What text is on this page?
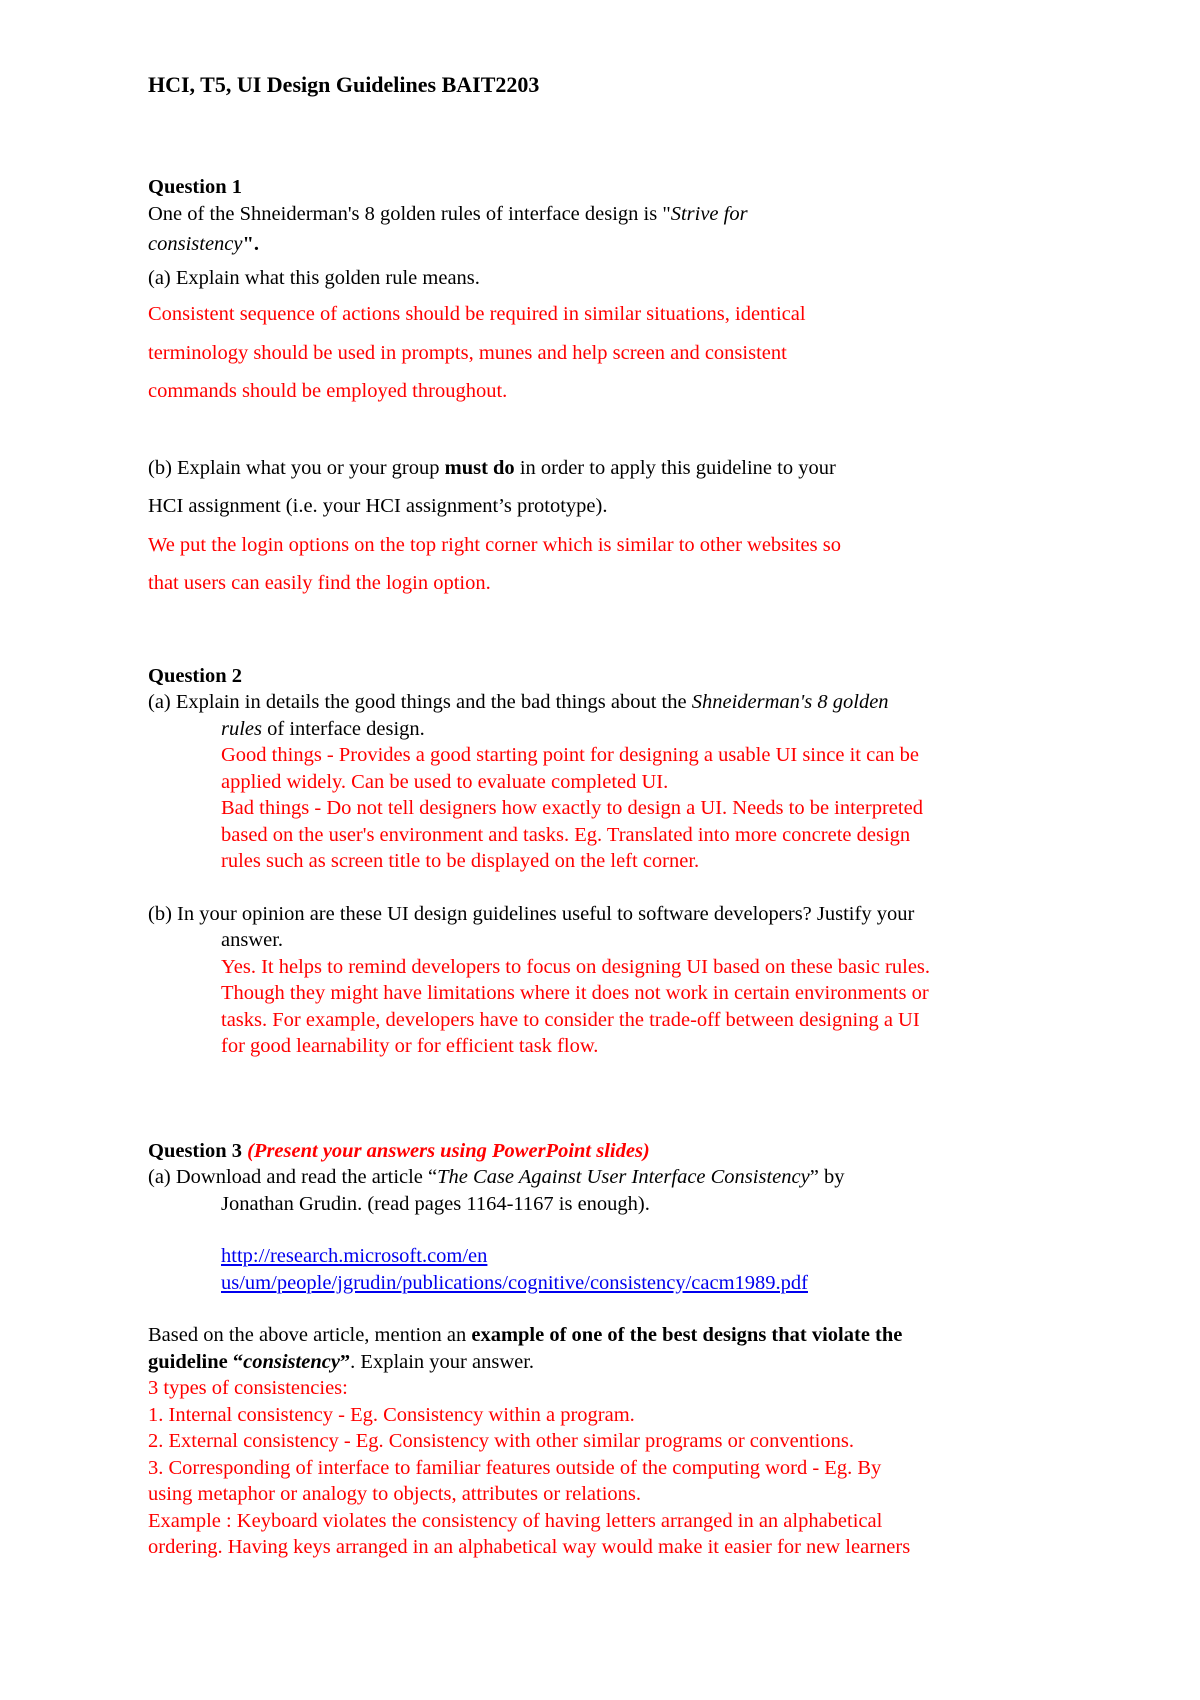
HCI, T5, UI Design Guidelines BAIT2203

Question 1

One of the Shneiderman's 8 golden rules of interface design is "Strive for

consistency".

(a) Explain what this golden rule means.

Consistent sequence of actions should be required in similar situations, identical

terminology should be used in prompts, munes and help screen and consistent

commands should be employed throughout.

(b) Explain what you or your group must do in order to apply this guideline to your

HCI assignment (i.e. your HCI assignment’s prototype).

We put the login options on the top right corner which is similar to other websites so

that users can easily find the login option.

Question 2

(a) Explain in details the good things and the bad things about the Shneiderman's 8 golden

rules of interface design.

Good things - Provides a good starting point for designing a usable UI since it can be

applied widely. Can be used to evaluate completed UI.

Bad things - Do not tell designers how exactly to design a UI. Needs to be interpreted

based on the user's environment and tasks. Eg. Translated into more concrete design

rules such as screen title to be displayed on the left corner.

(b) In your opinion are these UI design guidelines useful to software developers? Justify your

answer.

Yes. It helps to remind developers to focus on designing UI based on these basic rules.

Though they might have limitations where it does not work in certain environments or

tasks. For example, developers have to consider the trade-off between designing a UI

for good learnability or for efficient task flow.

Question 3 (Present your answers using PowerPoint slides)

(a) Download and read the article “The Case Against User Interface Consistency” by

Jonathan Grudin. (read pages 1164-1167 is enough).

http://research.microsoft.com/en

us/um/people/jgrudin/publications/cognitive/consistency/cacm1989.pdf

Based on the above article, mention an example of one of the best designs that violate the

guideline “consistency”. Explain your answer.

3 types of consistencies:

1. Internal consistency - Eg. Consistency within a program.

2. External consistency - Eg. Consistency with other similar programs or conventions.

3. Corresponding of interface to familiar features outside of the computing word - Eg. By

using metaphor or analogy to objects, attributes or relations.

Example : Keyboard violates the consistency of having letters arranged in an alphabetical

ordering. Having keys arranged in an alphabetical way would make it easier for new learners
